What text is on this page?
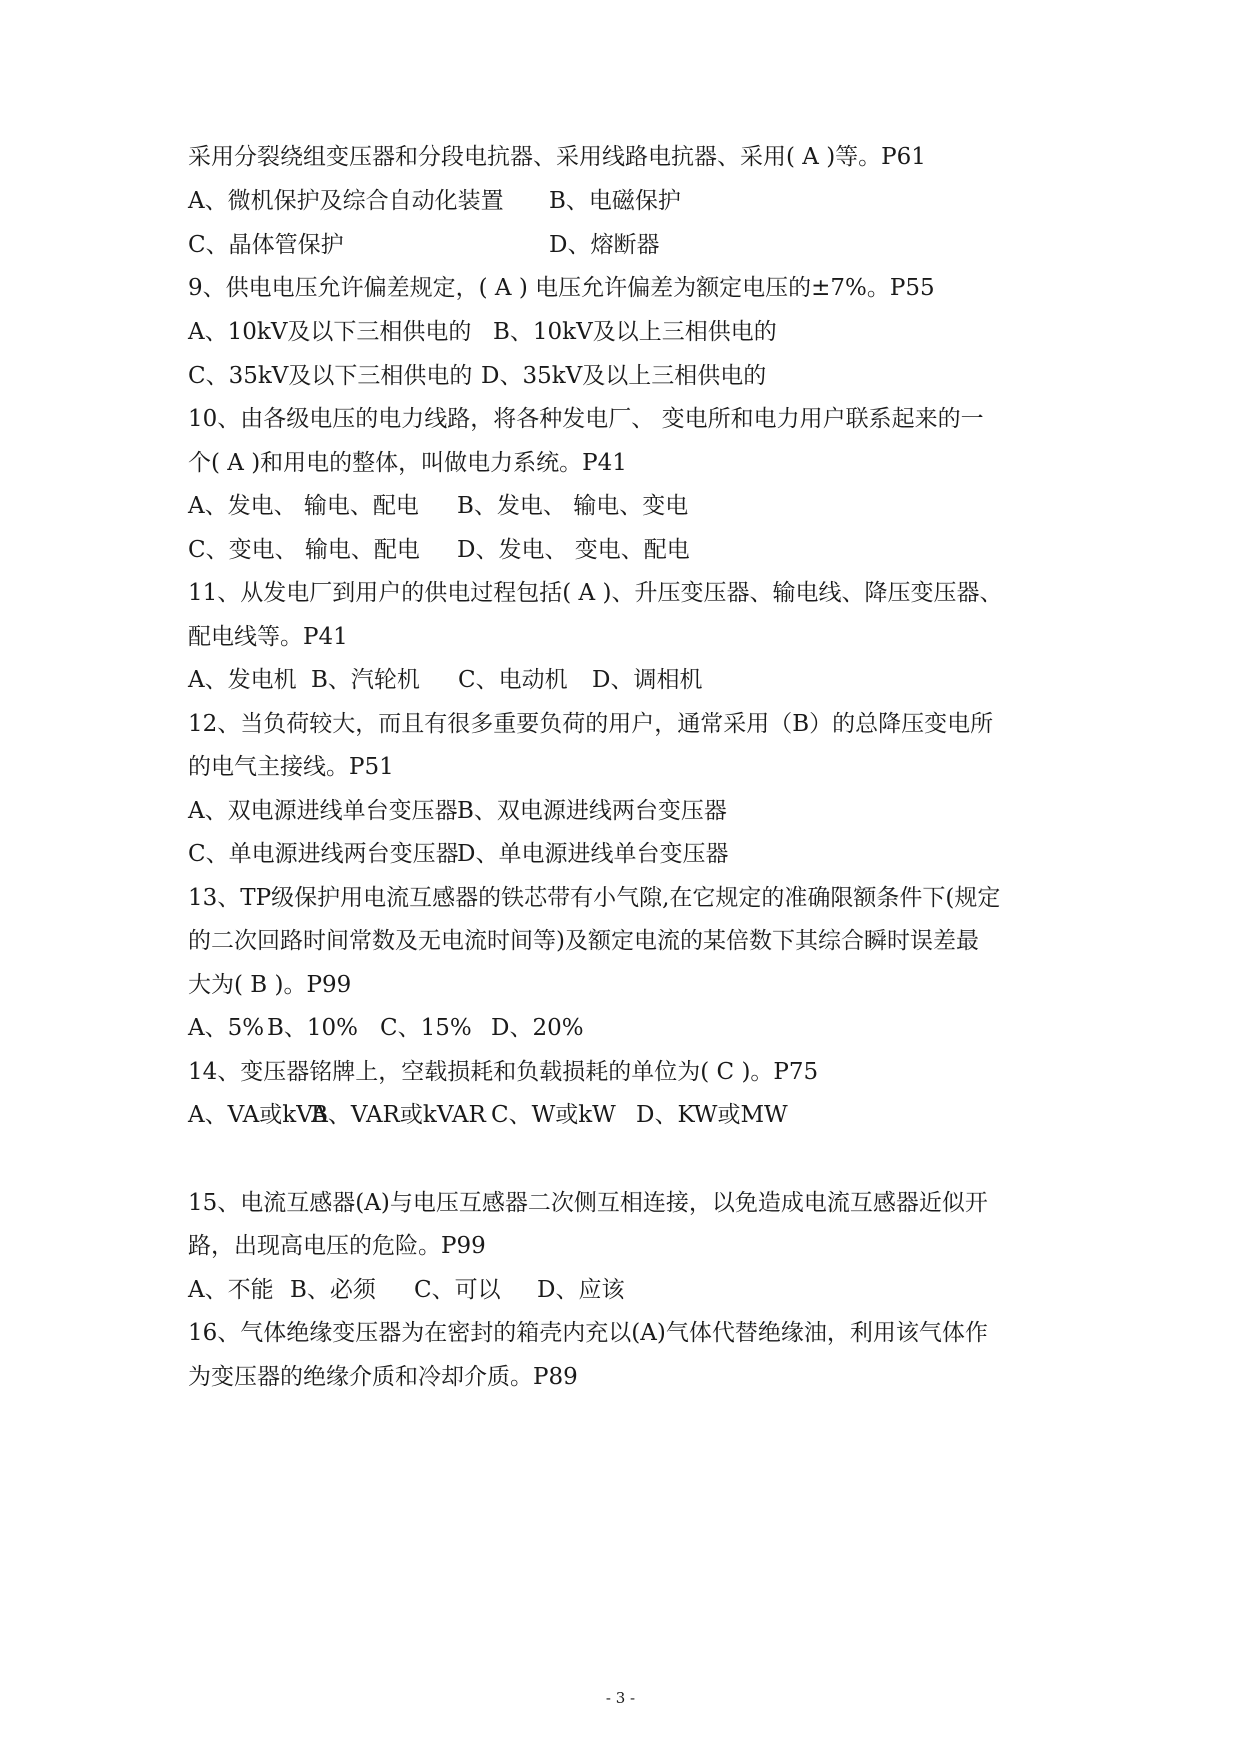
采用分裂绕组变压器和分段电抗器、采用线路电抗器、采用( A )等。P61
A、微机保护及综合自动化装置 B、电磁保护
C、晶体管保护	D、熔断器
9、供电电压允许偏差规定，( A ) 电压允许偏差为额定电压的±7%。P55
A、10kV及以下三相供电的 B、10kV及以上三相供电的
C、35kV及以下三相供电的 D、35kV及以上三相供电的
10、由各级电压的电力线路，将各种发电厂、 变电所和电力用户联系起来的一
个( A )和用电的整体，叫做电力系统。P41
A、发电、 输电、配电 B、发电、 输电、变电
C、变电、 输电、配电 D、发电、 变电、配电
11、从发电厂到用户的供电过程包括( A )、升压变压器、输电线、降压变压器、
配电线等。P41
A、发电机 B、汽轮机 C、电动机 D、调相机
12、当负荷较大，而且有很多重要负荷的用户，通常采用（B）的总降压变电所
的电气主接线。P51
A、双电源进线单台变压器 B、双电源进线两台变压器
C、单电源进线两台变压器
D、单电源进线单台变压器
13、TP级保护用电流互感器的铁芯带有小气隙,在它规定的准确限额条件下(规定
的二次回路时间常数及无电流时间等)及额定电流的某倍数下其综合瞬时误差最
大为( B )。P99
A、5% B、10% C、15% D、20%
14、变压器铭牌上，空载损耗和负载损耗的单位为( C )。P75
A、VA或kVA
B、VAR或kVAR C、W或kW D、KW或MW
15、电流互感器(A)与电压互感器二次侧互相连接，以免造成电流互感器近似开
路，出现高电压的危险。P99
A、不能 B、必须 C、可以 D、应该
16、气体绝缘变压器为在密封的箱壳内充以(A)气体代替绝缘油，利用该气体作
为变压器的绝缘介质和冷却介质。P89
- 3 -
